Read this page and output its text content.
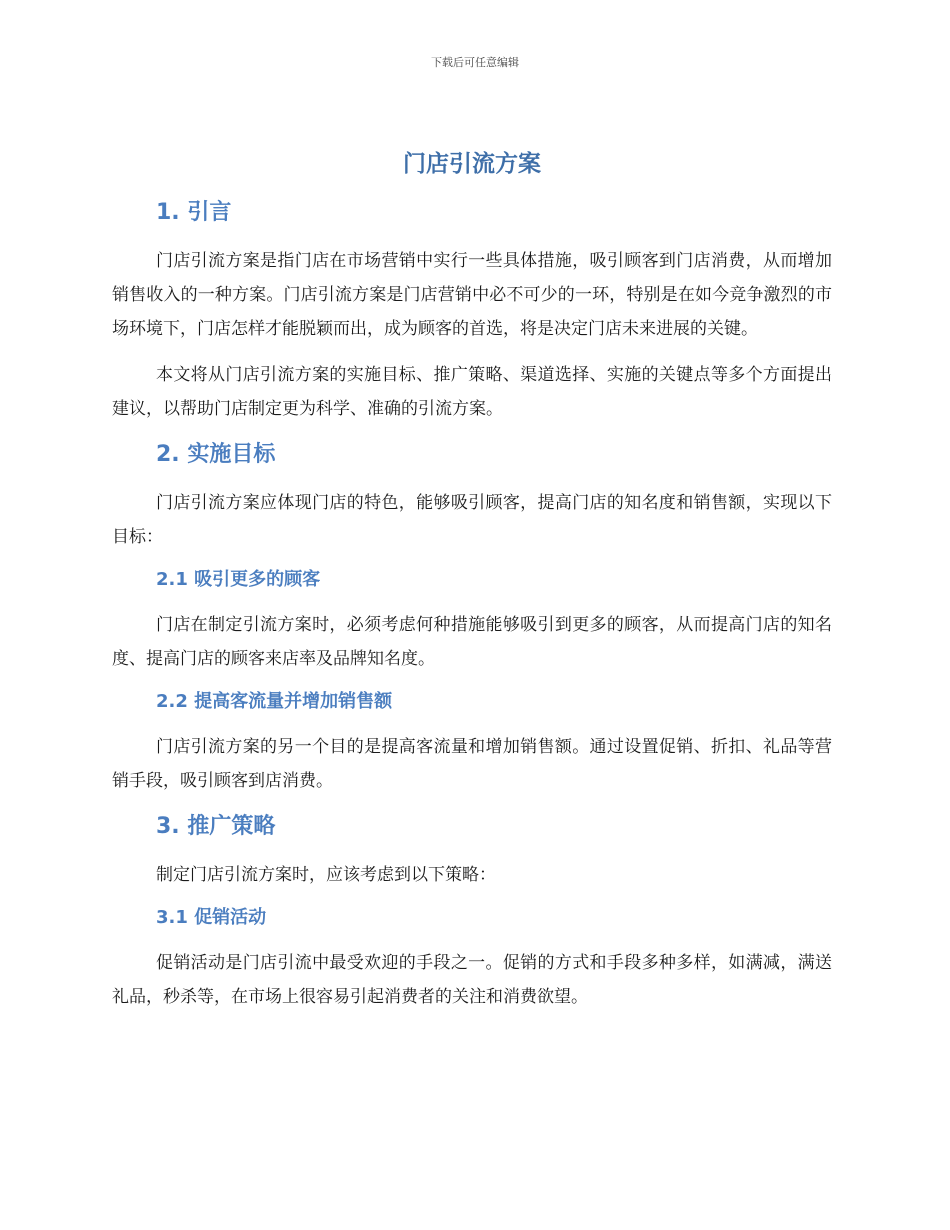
下载后可任意编辑
门店引流方案
1. 引言

门店引流方案是指门店在市场营销中实行一些具体措施，吸引顾客到门店消费，从而增加销售收入的一种方案。门店引流方案是门店营销中必不可少的一环，特别是在如今竞争激烈的市场环境下，门店怎样才能脱颖而出，成为顾客的首选，将是决定门店未来进展的关键。

本文将从门店引流方案的实施目标、推广策略、渠道选择、实施的关键点等多个方面提出建议，以帮助门店制定更为科学、准确的引流方案。

2. 实施目标

门店引流方案应体现门店的特色，能够吸引顾客，提高门店的知名度和销售额，实现以下目标：

2.1 吸引更多的顾客

门店在制定引流方案时，必须考虑何种措施能够吸引到更多的顾客，从而提高门店的知名度、提高门店的顾客来店率及品牌知名度。

2.2 提高客流量并增加销售额

门店引流方案的另一个目的是提高客流量和增加销售额。通过设置促销、折扣、礼品等营销手段，吸引顾客到店消费。

3. 推广策略

制定门店引流方案时，应该考虑到以下策略：

3.1 促销活动

促销活动是门店引流中最受欢迎的手段之一。促销的方式和手段多种多样，如满减，满送礼品，秒杀等，在市场上很容易引起消费者的关注和消费欲望。
